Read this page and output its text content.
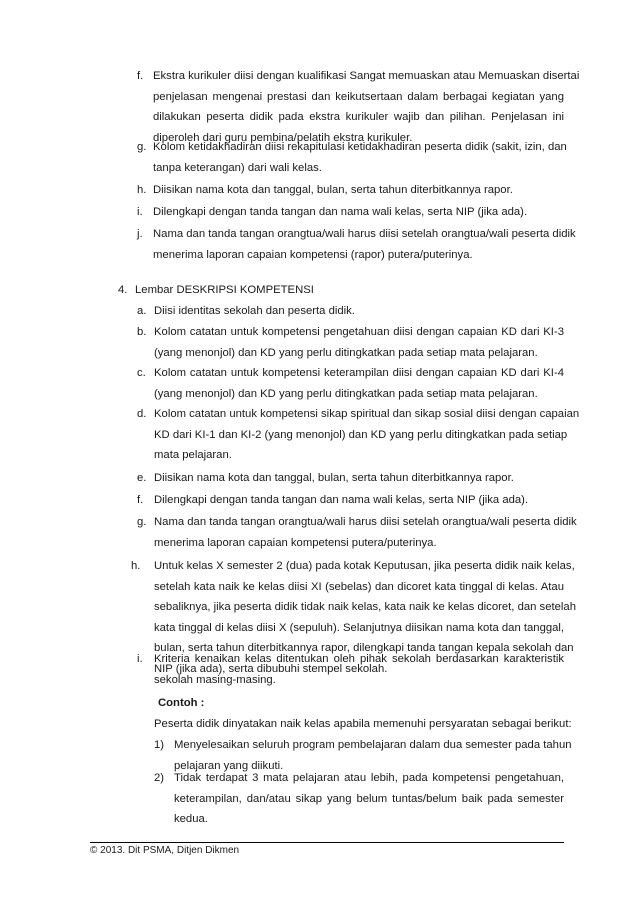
f. Ekstra kurikuler diisi dengan kualifikasi Sangat memuaskan atau Memuaskan disertai
penjelasan mengenai prestasi dan keikutsertaan dalam berbagai kegiatan yang
dilakukan peserta didik pada ekstra kurikuler wajib dan pilihan. Penjelasan ini
diperoleh dari guru pembina/pelatih ekstra kurikuler.
g. Kolom ketidakhadiran diisi rekapitulasi ketidakhadiran peserta didik (sakit, izin, dan
tanpa keterangan) dari wali kelas.
h. Diisikan nama kota dan tanggal, bulan, serta tahun diterbitkannya rapor.
i. Dilengkapi dengan tanda tangan dan nama wali kelas, serta NIP (jika ada).
j. Nama dan tanda tangan orangtua/wali harus diisi setelah orangtua/wali peserta didik
menerima laporan capaian kompetensi (rapor) putera/puterinya.
4. Lembar DESKRIPSI KOMPETENSI
a. Diisi identitas sekolah dan peserta didik.
b. Kolom catatan untuk kompetensi pengetahuan diisi dengan capaian KD dari KI-3
(yang menonjol) dan KD yang perlu ditingkatkan pada setiap mata pelajaran.
c. Kolom catatan untuk kompetensi keterampilan diisi dengan capaian KD dari KI-4
(yang menonjol) dan KD yang perlu ditingkatkan pada setiap mata pelajaran.
d. Kolom catatan untuk kompetensi sikap spiritual dan sikap sosial diisi dengan capaian
KD dari KI-1 dan KI-2 (yang menonjol) dan KD yang perlu ditingkatkan pada setiap
mata pelajaran.
e. Diisikan nama kota dan tanggal, bulan, serta tahun diterbitkannya rapor.
f. Dilengkapi dengan tanda tangan dan nama wali kelas, serta NIP (jika ada).
g. Nama dan tanda tangan orangtua/wali harus diisi setelah orangtua/wali peserta didik
menerima laporan capaian kompetensi putera/puterinya.
h. Untuk kelas X semester 2 (dua) pada kotak Keputusan, jika peserta didik naik kelas,
setelah kata naik ke kelas diisi XI (sebelas) dan dicoret kata tinggal di kelas. Atau
sebaliknya, jika peserta didik tidak naik kelas, kata naik ke kelas dicoret, dan setelah
kata tinggal di kelas diisi X (sepuluh). Selanjutnya diisikan nama kota dan tanggal,
bulan, serta tahun diterbitkannya rapor, dilengkapi tanda tangan kepala sekolah dan
NIP (jika ada), serta dibubuhi stempel sekolah.
i. Kriteria kenaikan kelas ditentukan oleh pihak sekolah berdasarkan karakteristik
sekolah masing-masing.
Contoh :
Peserta didik dinyatakan naik kelas apabila memenuhi persyaratan sebagai berikut:
1) Menyelesaikan seluruh program pembelajaran dalam dua semester pada tahun
pelajaran yang diikuti.
2) Tidak terdapat 3 mata pelajaran atau lebih, pada kompetensi pengetahuan,
keterampilan, dan/atau sikap yang belum tuntas/belum baik pada semester
kedua.
© 2013. Dit PSMA, Ditjen Dikmen
